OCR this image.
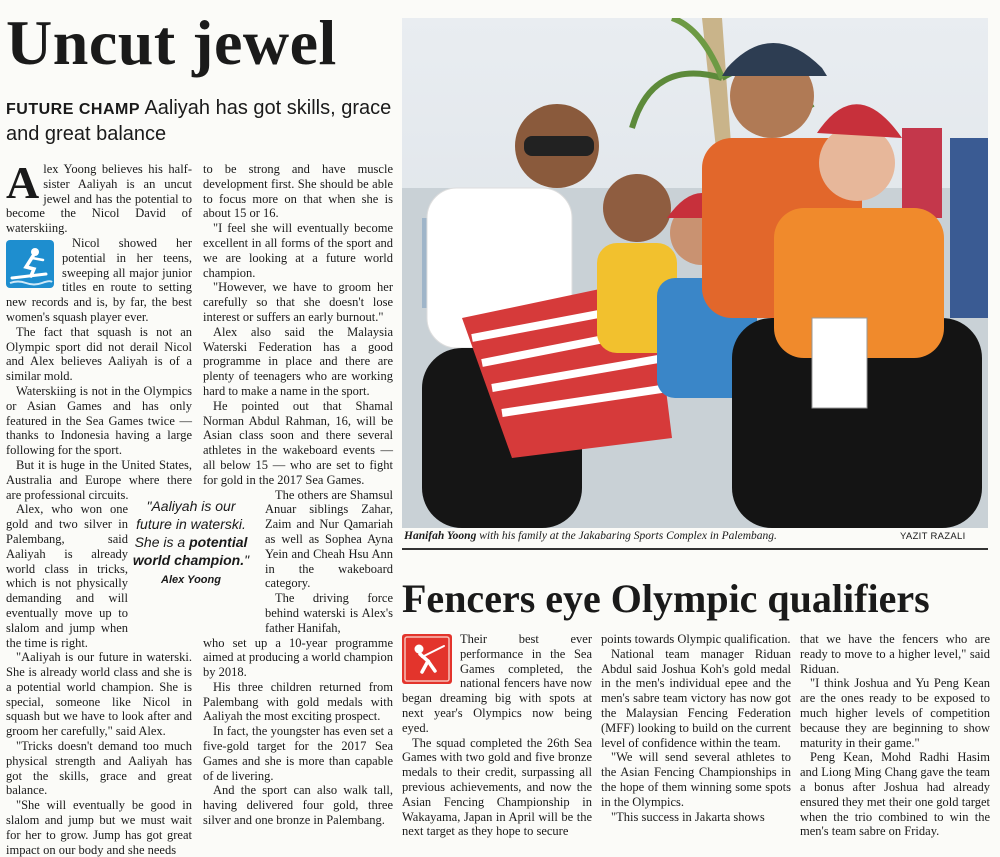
Uncut jewel
FUTURE CHAMP Aaliyah has got skills, grace and great balance

Alex Yoong believes his half-sister Aaliyah is an uncut jewel and has the potential to become the Nicol David of waterskiing.

Nicol showed her potential in her teens, sweeping all major junior titles en route to setting new records and is, by far, the best women's squash player ever.

The fact that squash is not an Olympic sport did not derail Nicol and Alex believes Aaliyah is of a similar mold.

Waterskiing is not in the Olympics or Asian Games and has only featured in the Sea Games twice — thanks to Indonesia having a large following for the sport.

But it is huge in the United States, Australia and Europe where there are professional circuits.

Alex, who won one gold and two silver in Palembang, said Aaliyah is already world class in tricks, which is not physically demanding and will eventually move up to slalom and jump when the time is right.

"Aaliyah is our future in waterski. She is already world class and she is a potential world champion. She is special, someone like Nicol in squash but we have to look after and groom her carefully," said Alex.

"Tricks doesn't demand too much physical strength and Aaliyah has got the skills, grace and great balance.

"She will eventually be good in slalom and jump but we must wait for her to grow. Jump has got great impact on our body and she needs

"Aaliyah is our future in waterski. She is a potential world champion."
Alex Yoong

to be strong and have muscle development first. She should be able to focus more on that when she is about 15 or 16.

"I feel she will eventually become excellent in all forms of the sport and we are looking at a future world champion.

"However, we have to groom her carefully so that she doesn't lose interest or suffers an early burnout."

Alex also said the Malaysia Waterski Federation has a good programme in place and there are plenty of teenagers who are working hard to make a name in the sport.

He pointed out that Shamal Norman Abdul Rahman, 16, will be Asian class soon and there several athletes in the wakeboard events — all below 15 — who are set to fight for gold in the 2017 Sea Games.

The others are Shamsul Anuar siblings Zahar, Zaim and Nur Qamariah as well as Sophea Ayna Yein and Cheah Hsu Ann in the wakeboard category.

The driving force behind waterski is Alex's father Hanifah,

who set up a 10-year programme aimed at producing a world champion by 2018.

His three children returned from Palembang with gold medals with Aaliyah the most exciting prospect.

In fact, the youngster has even set a five-gold target for the 2017 Sea Games and she is more than capable of de livering.

And the sport can also walk tall, having delivered four gold, three silver and one bronze in Palembang.

Hanifah Yoong with his family at the Jakabaring Sports Complex in Palembang.	YAZIT RAZALI
Fencers eye Olympic qualifiers

Their best ever performance in the Sea Games completed, the national fencers have now began dreaming big with spots at next year's Olympics now being eyed.

The squad completed the 26th Sea Games with two gold and five bronze medals to their credit, surpassing all previous achievements, and now the Asian Fencing Championship in Wakayama, Japan in April will be the next target as they hope to secure

points towards Olympic qualification.

National team manager Riduan Abdul said Joshua Koh's gold medal in the men's individual epee and the men's sabre team victory has now got the Malaysian Fencing Federation (MFF) looking to build on the current level of confidence within the team.

"We will send several athletes to the Asian Fencing Championships in the hope of them winning some spots in the Olympics.

"This success in Jakarta shows

that we have the fencers who are ready to move to a higher level," said Riduan.

"I think Joshua and Yu Peng Kean are the ones ready to be exposed to much higher levels of competition because they are beginning to show maturity in their game."

Peng Kean, Mohd Radhi Hasim and Liong Ming Chang gave the team a bonus after Joshua had already ensured they met their one gold target when the trio combined to win the men's team sabre on Friday.
